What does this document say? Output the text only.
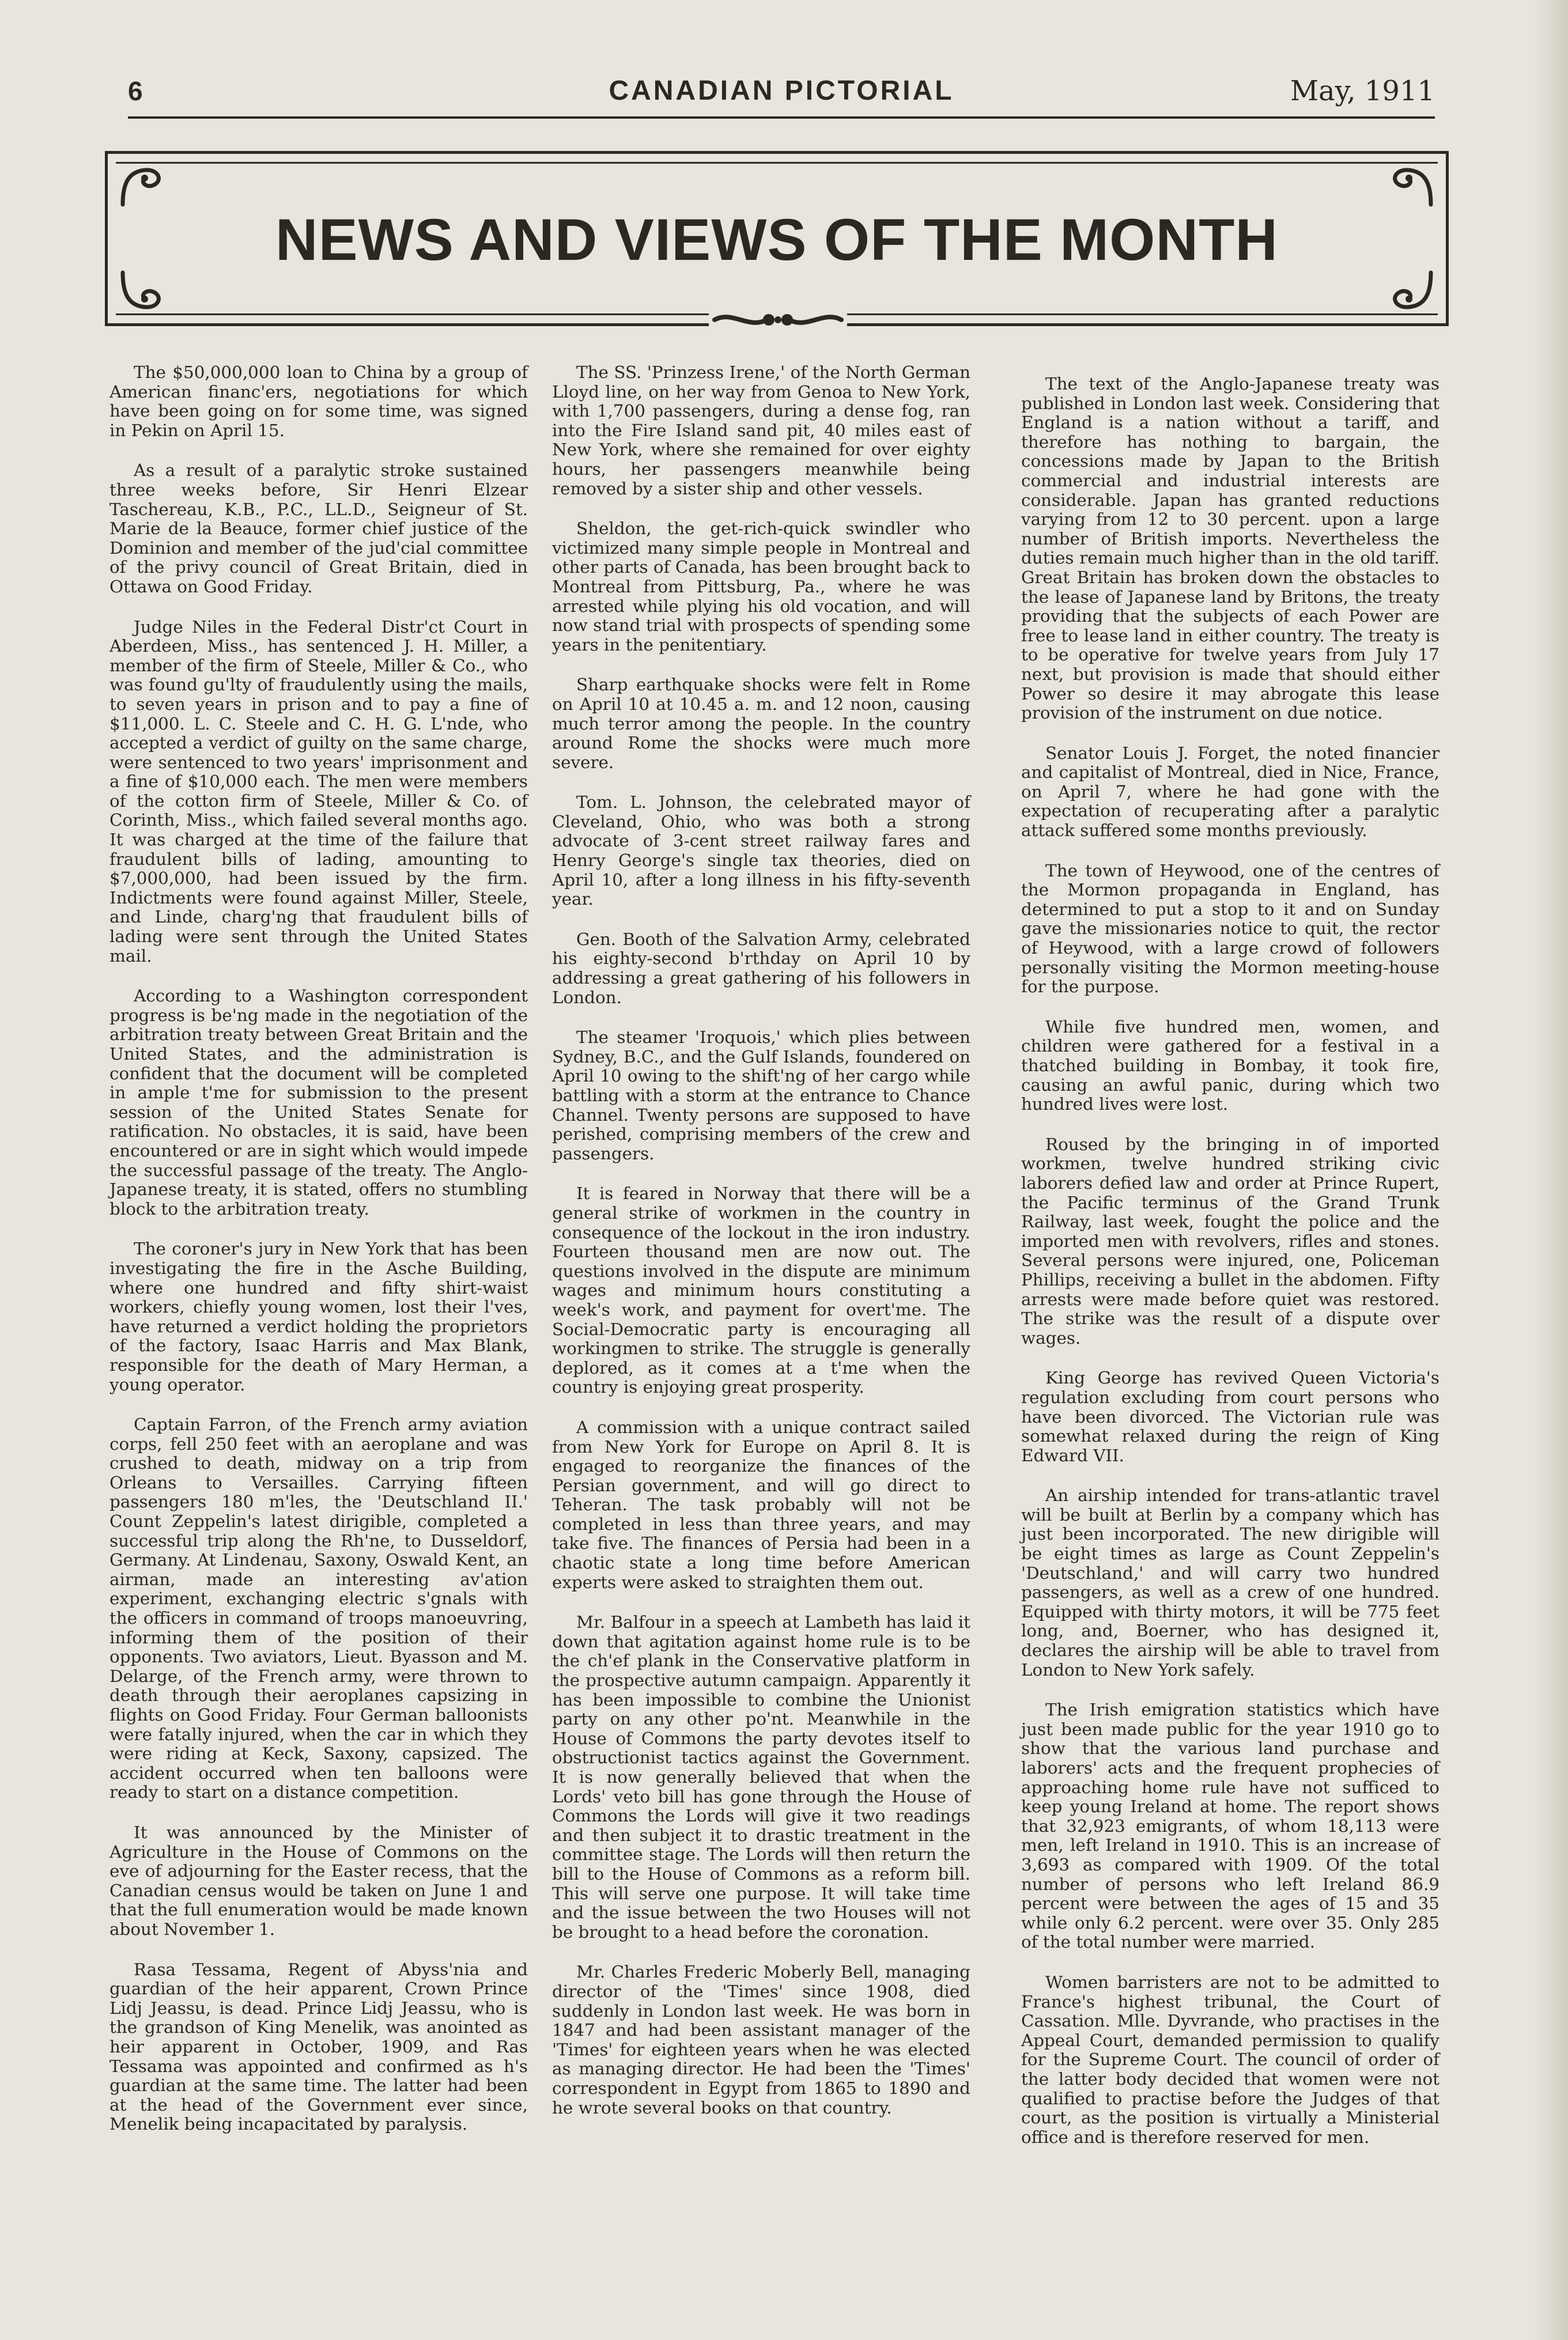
6	CANADIAN PICTORIAL	May, 1911
NEWS AND VIEWS OF THE MONTH

The $50,000,000 loan to China by a group of American financ'ers, negotiations for which have been going on for some time, was signed in Pekin on April 15.

As a result of a paralytic stroke sustained three weeks before, Sir Henri Elzear Taschereau, K.B., P.C., LL.D., Seigneur of St. Marie de la Beauce, former chief justice of the Dominion and member of the jud'cial committee of the privy council of Great Britain, died in Ottawa on Good Friday.

Judge Niles in the Federal Distr'ct Court in Aberdeen, Miss., has sentenced J. H. Miller, a member of the firm of Steele, Miller & Co., who was found gu'lty of fraudulently using the mails, to seven years in prison and to pay a fine of $11,000. L. C. Steele and C. H. G. L'nde, who accepted a verdict of guilty on the same charge, were sentenced to two years' imprisonment and a fine of $10,000 each. The men were members of the cotton firm of Steele, Miller & Co. of Corinth, Miss., which failed several months ago. It was charged at the time of the failure that fraudulent bills of lading, amounting to $7,000,000, had been issued by the firm. Indictments were found against Miller, Steele, and Linde, charg'ng that fraudulent bills of lading were sent through the United States mail.

According to a Washington correspondent progress is be'ng made in the negotiation of the arbitration treaty between Great Britain and the United States, and the administration is confident that the document will be completed in ample t'me for submission to the present session of the United States Senate for ratification. No obstacles, it is said, have been encountered or are in sight which would impede the successful passage of the treaty. The Anglo-Japanese treaty, it is stated, offers no stumbling block to the arbitration treaty.

The coroner's jury in New York that has been investigating the fire in the Asche Building, where one hundred and fifty shirt-waist workers, chiefly young women, lost their l'ves, have returned a verdict holding the proprietors of the factory, Isaac Harris and Max Blank, responsible for the death of Mary Herman, a young operator.

Captain Farron, of the French army aviation corps, fell 250 feet with an aeroplane and was crushed to death, midway on a trip from Orleans to Versailles. Carrying fifteen passengers 180 m'les, the 'Deutschland II.' Count Zeppelin's latest dirigible, completed a successful trip along the Rh'ne, to Dusseldorf, Germany. At Lindenau, Saxony, Oswald Kent, an airman, made an interesting av'ation experiment, exchanging electric s'gnals with the officers in command of troops manoeuvring, informing them of the position of their opponents. Two aviators, Lieut. Byasson and M. Delarge, of the French army, were thrown to death through their aeroplanes capsizing in flights on Good Friday. Four German balloonists were fatally injured, when the car in which they were riding at Keck, Saxony, capsized. The accident occurred when ten balloons were ready to start on a distance competition.

It was announced by the Minister of Agriculture in the House of Commons on the eve of adjourning for the Easter recess, that the Canadian census would be taken on June 1 and that the full enumeration would be made known about November 1.

Rasa Tessama, Regent of Abyss'nia and guardian of the heir apparent, Crown Prince Lidj Jeassu, is dead. Prince Lidj Jeassu, who is the grandson of King Menelik, was anointed as heir apparent in October, 1909, and Ras Tessama was appointed and confirmed as h's guardian at the same time. The latter had been at the head of the Government ever since, Menelik being incapacitated by paralysis.

The SS. 'Prinzess Irene,' of the North German Lloyd line, on her way from Genoa to New York, with 1,700 passengers, during a dense fog, ran into the Fire Island sand pit, 40 miles east of New York, where she remained for over eighty hours, her passengers meanwhile being removed by a sister ship and other vessels.

Sheldon, the get-rich-quick swindler who victimized many simple people in Montreal and other parts of Canada, has been brought back to Montreal from Pittsburg, Pa., where he was arrested while plying his old vocation, and will now stand trial with prospects of spending some years in the penitentiary.

Sharp earthquake shocks were felt in Rome on April 10 at 10.45 a. m. and 12 noon, causing much terror among the people. In the country around Rome the shocks were much more severe.

Tom. L. Johnson, the celebrated mayor of Cleveland, Ohio, who was both a strong advocate of 3-cent street railway fares and Henry George's single tax theories, died on April 10, after a long illness in his fifty-seventh year.

Gen. Booth of the Salvation Army, celebrated his eighty-second b'rthday on April 10 by addressing a great gathering of his followers in London.

The steamer 'Iroquois,' which plies between Sydney, B.C., and the Gulf Islands, foundered on April 10 owing to the shift'ng of her cargo while battling with a storm at the entrance to Chance Channel. Twenty persons are supposed to have perished, comprising members of the crew and passengers.

It is feared in Norway that there will be a general strike of workmen in the country in consequence of the lockout in the iron industry. Fourteen thousand men are now out. The questions involved in the dispute are minimum wages and minimum hours constituting a week's work, and payment for overt'me. The Social-Democratic party is encouraging all workingmen to strike. The struggle is generally deplored, as it comes at a t'me when the country is enjoying great prosperity.

A commission with a unique contract sailed from New York for Europe on April 8. It is engaged to reorganize the finances of the Persian government, and will go direct to Teheran. The task probably will not be completed in less than three years, and may take five. The finances of Persia had been in a chaotic state a long time before American experts were asked to straighten them out.

Mr. Balfour in a speech at Lambeth has laid it down that agitation against home rule is to be the ch'ef plank in the Conservative platform in the prospective autumn campaign. Apparently it has been impossible to combine the Unionist party on any other po'nt. Meanwhile in the House of Commons the party devotes itself to obstructionist tactics against the Government. It is now generally believed that when the Lords' veto bill has gone through the House of Commons the Lords will give it two readings and then subject it to drastic treatment in the committee stage. The Lords will then return the bill to the House of Commons as a reform bill. This will serve one purpose. It will take time and the issue between the two Houses will not be brought to a head before the coronation.

Mr. Charles Frederic Moberly Bell, managing director of the 'Times' since 1908, died suddenly in London last week. He was born in 1847 and had been assistant manager of the 'Times' for eighteen years when he was elected as managing director. He had been the 'Times' correspondent in Egypt from 1865 to 1890 and he wrote several books on that country.

The text of the Anglo-Japanese treaty was published in London last week. Considering that England is a nation without a tariff, and therefore has nothing to bargain, the concessions made by Japan to the British commercial and industrial interests are considerable. Japan has granted reductions varying from 12 to 30 percent. upon a large number of British imports. Nevertheless the duties remain much higher than in the old tariff. Great Britain has broken down the obstacles to the lease of Japanese land by Britons, the treaty providing that the subjects of each Power are free to lease land in either country. The treaty is to be operative for twelve years from July 17 next, but provision is made that should either Power so desire it may abrogate this lease provision of the instrument on due notice.

Senator Louis J. Forget, the noted financier and capitalist of Montreal, died in Nice, France, on April 7, where he had gone with the expectation of recuperating after a paralytic attack suffered some months previously.

The town of Heywood, one of the centres of the Mormon propaganda in England, has determined to put a stop to it and on Sunday gave the missionaries notice to quit, the rector of Heywood, with a large crowd of followers personally visiting the Mormon meeting-house for the purpose.

While five hundred men, women, and children were gathered for a festival in a thatched building in Bombay, it took fire, causing an awful panic, during which two hundred lives were lost.

Roused by the bringing in of imported workmen, twelve hundred striking civic laborers defied law and order at Prince Rupert, the Pacific terminus of the Grand Trunk Railway, last week, fought the police and the imported men with revolvers, rifles and stones. Several persons were injured, one, Policeman Phillips, receiving a bullet in the abdomen. Fifty arrests were made before quiet was restored. The strike was the result of a dispute over wages.

King George has revived Queen Victoria's regulation excluding from court persons who have been divorced. The Victorian rule was somewhat relaxed during the reign of King Edward VII.

An airship intended for trans-atlantic travel will be built at Berlin by a company which has just been incorporated. The new dirigible will be eight times as large as Count Zeppelin's 'Deutschland,' and will carry two hundred passengers, as well as a crew of one hundred. Equipped with thirty motors, it will be 775 feet long, and, Boerner, who has designed it, declares the airship will be able to travel from London to New York safely.

The Irish emigration statistics which have just been made public for the year 1910 go to show that the various land purchase and laborers' acts and the frequent prophecies of approaching home rule have not sufficed to keep young Ireland at home. The report shows that 32,923 emigrants, of whom 18,113 were men, left Ireland in 1910. This is an increase of 3,693 as compared with 1909. Of the total number of persons who left Ireland 86.9 percent were between the ages of 15 and 35 while only 6.2 percent. were over 35. Only 285 of the total number were married.

Women barristers are not to be admitted to France's highest tribunal, the Court of Cassation. Mlle. Dyvrande, who practises in the Appeal Court, demanded permission to qualify for the Supreme Court. The council of order of the latter body decided that women were not qualified to practise before the Judges of that court, as the position is virtually a Ministerial office and is therefore reserved for men.
